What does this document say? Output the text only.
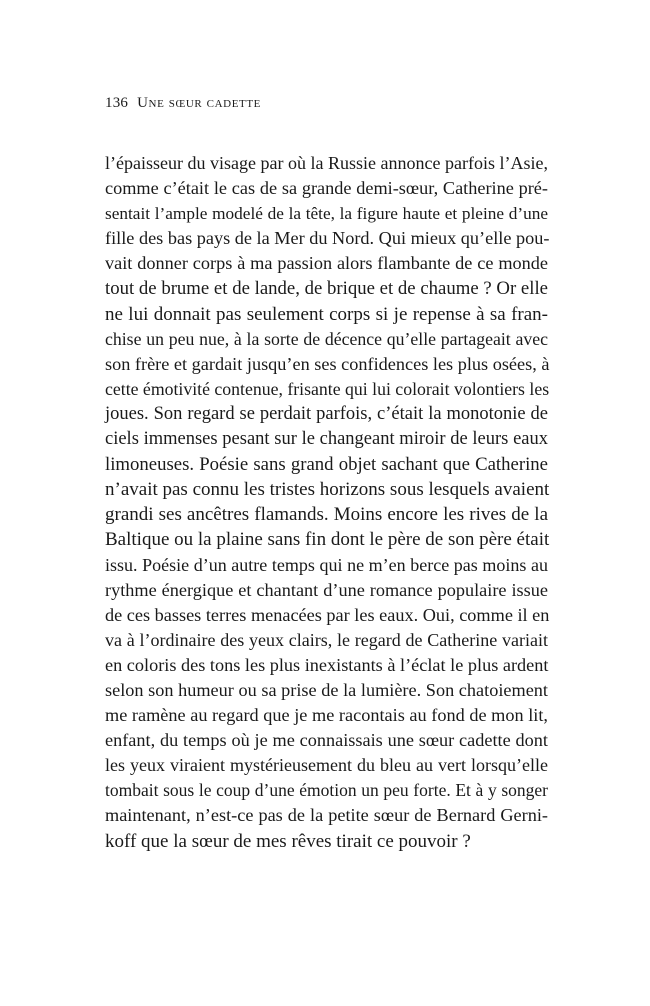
136 Une sœur cadette
l’épaisseur du visage par où la Russie annonce parfois l’Asie,
comme c’était le cas de sa grande demi-sœur, Catherine pré-
sentait l’ample modelé de la tête, la figure haute et pleine d’une
fille des bas pays de la Mer du Nord. Qui mieux qu’elle pou-
vait donner corps à ma passion alors flambante de ce monde
tout de brume et de lande, de brique et de chaume ? Or elle
ne lui donnait pas seulement corps si je repense à sa fran-
chise un peu nue, à la sorte de décence qu’elle partageait avec
son frère et gardait jusqu’en ses confidences les plus osées, à
cette émotivité contenue, frisante qui lui colorait volontiers les
joues. Son regard se perdait parfois, c’était la monotonie de
ciels immenses pesant sur le changeant miroir de leurs eaux
limoneuses. Poésie sans grand objet sachant que Catherine
n’avait pas connu les tristes horizons sous lesquels avaient
grandi ses ancêtres flamands. Moins encore les rives de la
Baltique ou la plaine sans fin dont le père de son père était
issu. Poésie d’un autre temps qui ne m’en berce pas moins au
rythme énergique et chantant d’une romance populaire issue
de ces basses terres menacées par les eaux. Oui, comme il en
va à l’ordinaire des yeux clairs, le regard de Catherine variait
en coloris des tons les plus inexistants à l’éclat le plus ardent
selon son humeur ou sa prise de la lumière. Son chatoiement
me ramène au regard que je me racontais au fond de mon lit,
enfant, du temps où je me connaissais une sœur cadette dont
les yeux viraient mystérieusement du bleu au vert lorsqu’elle
tombait sous le coup d’une émotion un peu forte. Et à y songer
maintenant, n’est-ce pas de la petite sœur de Bernard Gerni-
koff que la sœur de mes rêves tirait ce pouvoir ?
